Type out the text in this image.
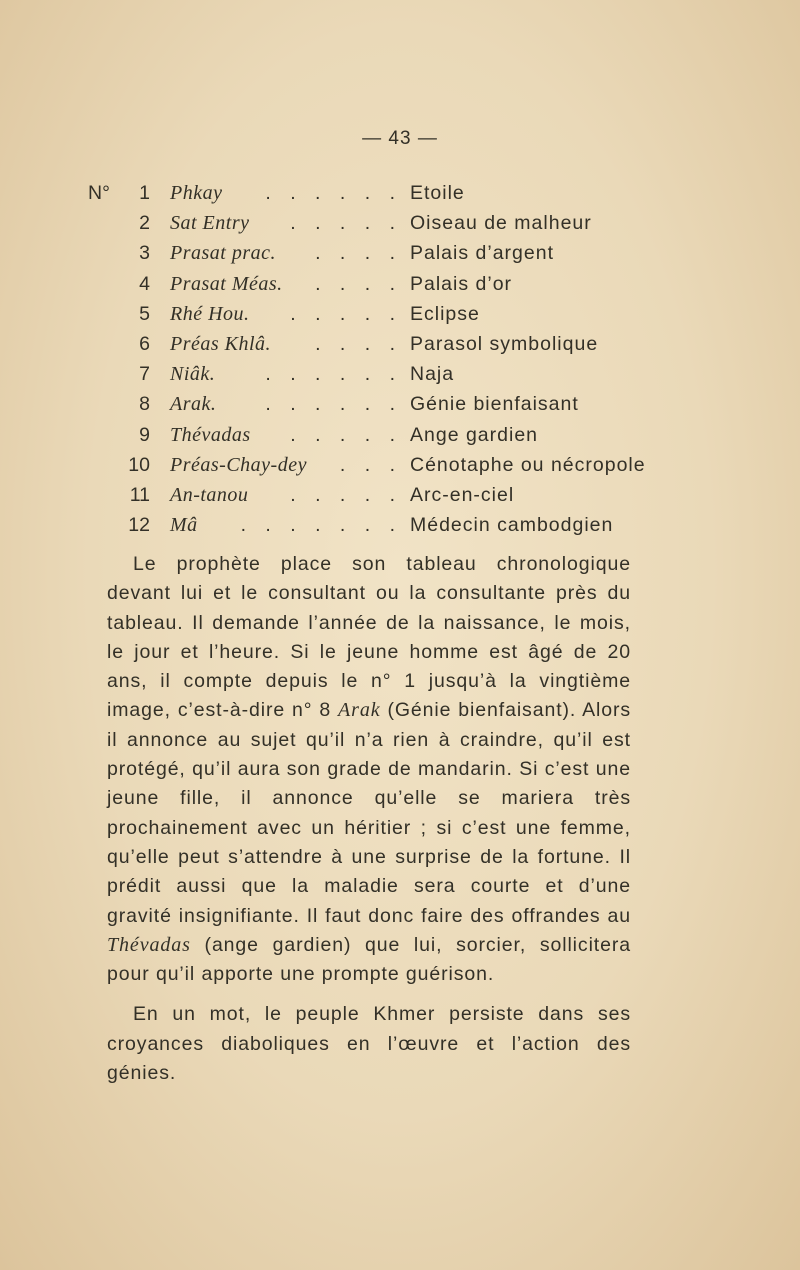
— 43 —
N°	1 Phkay	. . . . . . Etoile
2 Sat Entry	. . . . . Oiseau de malheur
3 Prasat prac.	. . . . Palais d’argent
4 Prasat Méas.	. . . . Palais d’or
5 Rhé Hou.	. . . . . Eclipse
6 Préas Khlâ.	. . . . Parasol symbolique
7 Niâk.	. . . . . . Naja
8 Arak.	. . . . . . Génie bienfaisant
9 Thévadas	. . . . . Ange gardien
10 Préas-Chay-dey	. . . Cénotaphe ou nécropole
11 An-tanou	. . . . . Arc-en-ciel
12 Mâ	. . . . . . . Médecin cambodgien

Le prophète place son tableau chronologique devant lui et le consultant ou la consultante près du tableau. Il demande l’année de la naissance, le mois, le jour et l’heure. Si le jeune homme est âgé de 20 ans, il compte depuis le n° 1 jusqu’à la vingtième image, c’est-à-dire n° 8 Arak (Génie bienfaisant). Alors il annonce au sujet qu’il n’a rien à craindre, qu’il est protégé, qu’il aura son grade de mandarin. Si c’est une jeune fille, il annonce qu’elle se mariera très prochainement avec un héritier ; si c’est une femme, qu’elle peut s’attendre à une surprise de la fortune. Il prédit aussi que la maladie sera courte et d’une gravité insignifiante. Il faut donc faire des offrandes au Thévadas (ange gardien) que lui, sorcier, sollicitera pour qu’il apporte une prompte guérison.

En un mot, le peuple Khmer persiste dans ses croyances diaboliques en l’œuvre et l’action des génies.
